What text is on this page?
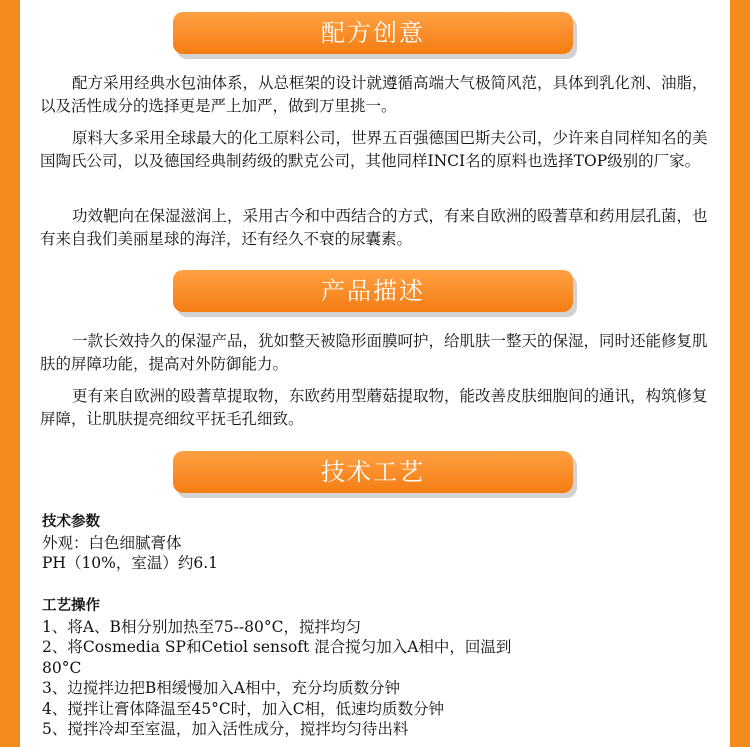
配方创意

配方采用经典水包油体系，从总框架的设计就遵循高端大气极简风范，具体到乳化剂、油脂，以及活性成分的选择更是严上加严，做到万里挑一。

原料大多采用全球最大的化工原料公司，世界五百强德国巴斯夫公司，少许来自同样知名的美国陶氏公司，以及德国经典制药级的默克公司，其他同样INCI名的原料也选择TOP级别的厂家。

功效靶向在保湿滋润上，采用古今和中西结合的方式，有来自欧洲的殴蓍草和药用层孔菌，也有来自我们美丽星球的海洋，还有经久不衰的尿囊素。

产品描述

一款长效持久的保湿产品，犹如整天被隐形面膜呵护，给肌肤一整天的保湿，同时还能修复肌肤的屏障功能，提高对外防御能力。

更有来自欧洲的殴蓍草提取物，东欧药用型蘑菇提取物，能改善皮肤细胞间的通讯，构筑修复屏障，让肌肤提亮细纹平抚毛孔细致。

技术工艺
技术参数
外观：白色细腻膏体
PH（10%，室温）约6.1
工艺操作
1、将A、B相分别加热至75--80°C，搅拌均匀
2、将Cosmedia SP和Cetiol sensoft 混合搅匀加入A相中，回温到
80°C
3、边搅拌边把B相缓慢加入A相中，充分均质数分钟
4、搅拌让膏体降温至45°C时，加入C相，低速均质数分钟
5、搅拌冷却至室温，加入活性成分，搅拌均匀待出料
